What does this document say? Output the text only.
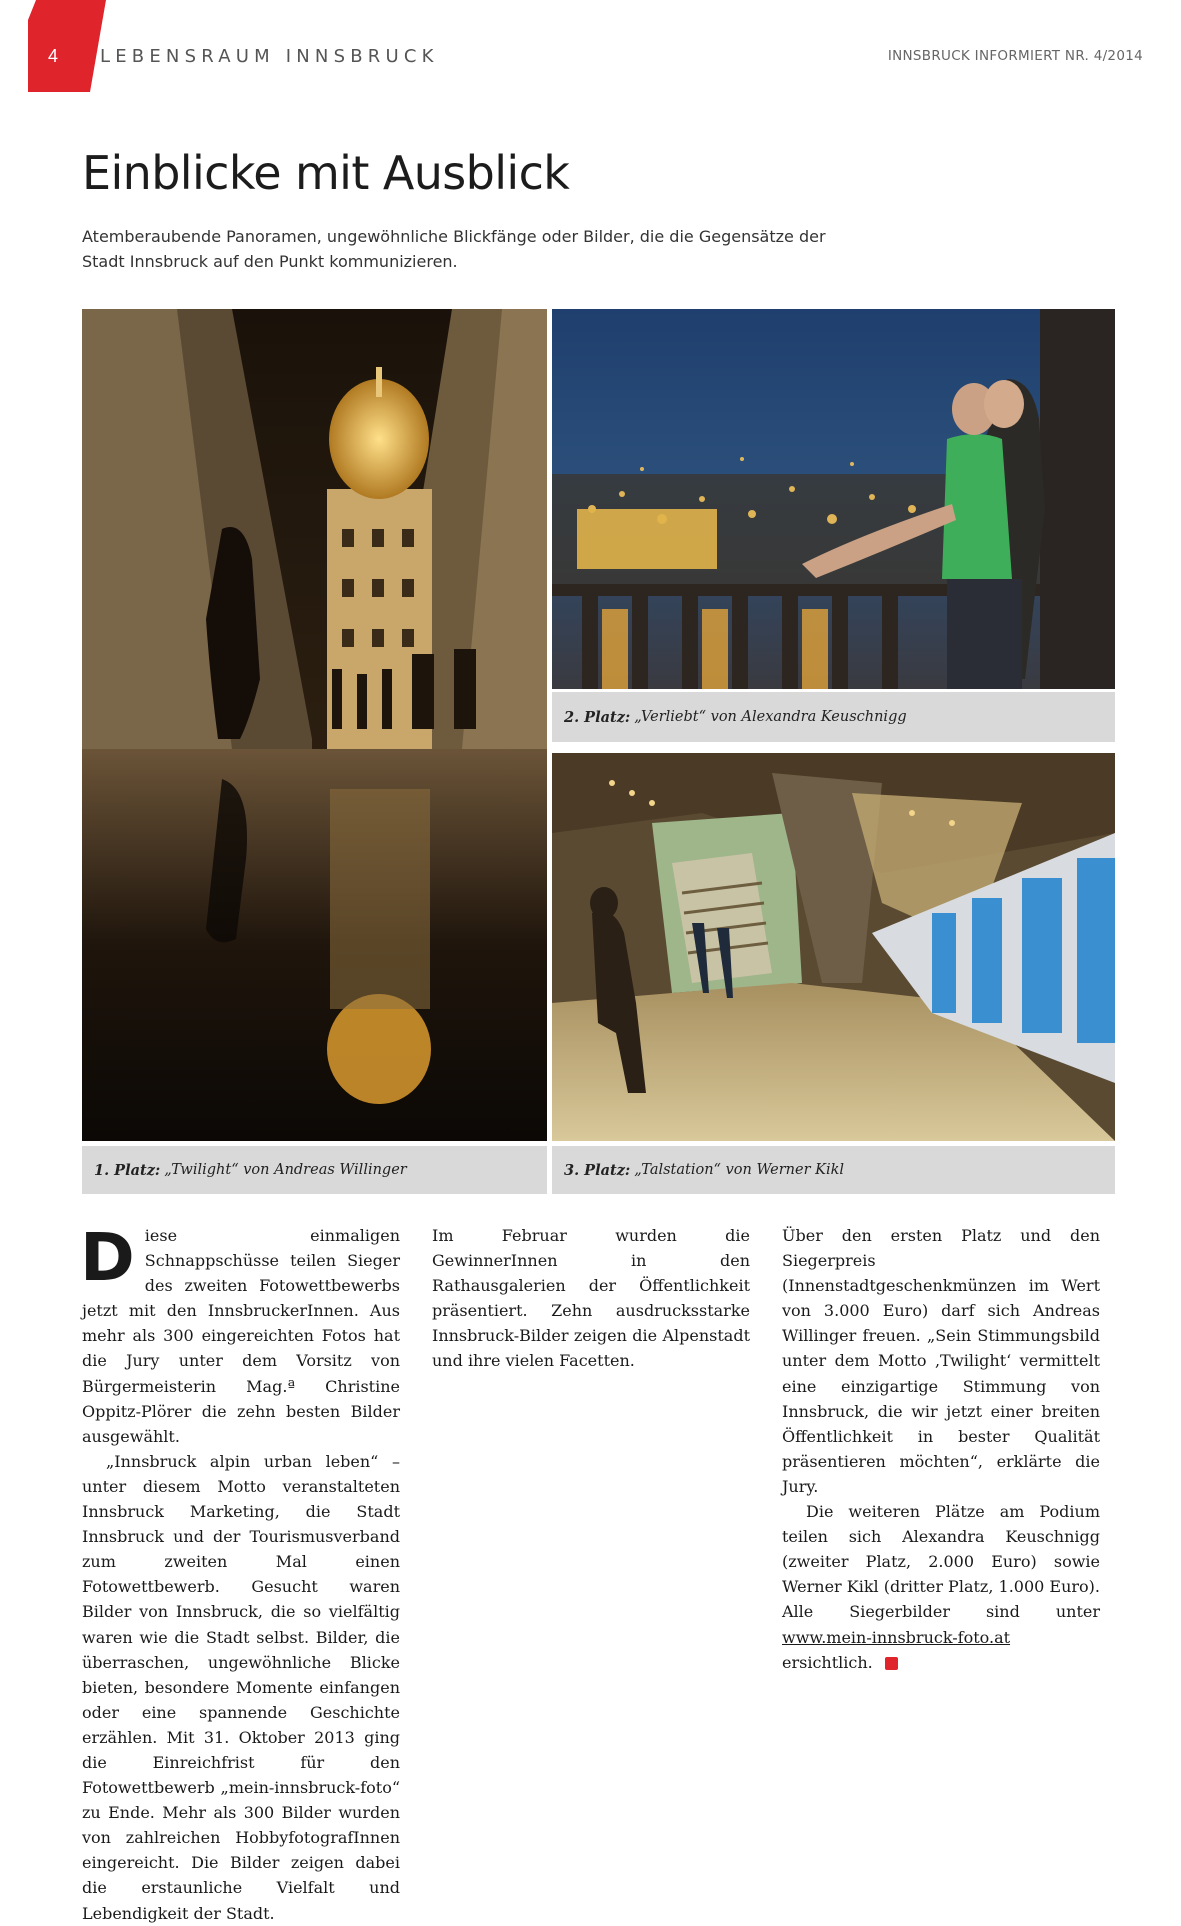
4 LEBENSRAUM INNSBRUCK	INNSBRUCK INFORMIERT NR. 4/2014
Einblicke mit Ausblick

Atemberaubende Panoramen, ungewöhnliche Blickfänge oder Bilder, die die Gegensätze der Stadt Innsbruck auf den Punkt kommunizieren.

2. Platz: „Verliebt“ von Alexandra Keuschnigg
1. Platz: „Twilight“ von Andreas Willinger	3. Platz: „Talstation“ von Werner Kikl

Diese einmaligen Schnappschüsse teilen Sieger des zweiten Fotowettbewerbs jetzt mit den InnsbruckerInnen. Aus mehr als 300 eingereichten Fotos hat die Jury unter dem Vorsitz von Bürgermeisterin Mag.ª Christine Oppitz-Plörer die zehn besten Bilder ausgewählt.

„Innsbruck alpin urban leben“ – unter diesem Motto veranstalteten Innsbruck Marketing, die Stadt Innsbruck und der Tourismusverband zum zweiten Mal einen Fotowettbewerb. Gesucht waren Bilder von Innsbruck, die so vielfältig waren wie die Stadt selbst. Bilder, die überraschen, ungewöhnliche Blicke bieten, besondere Momente einfangen oder eine spannende Geschichte erzählen. Mit 31. Oktober 2013 ging die Einreichfrist für den Fotowettbewerb „mein-innsbruck-foto“ zu Ende. Mehr als 300 Bilder wurden von zahlreichen HobbyfotografInnen eingereicht. Die Bilder zeigen dabei die erstaunliche Vielfalt und Lebendigkeit der Stadt.

Im Februar wurden die GewinnerInnen in den Rathausgalerien der Öffentlichkeit präsentiert. Zehn ausdrucksstarke Innsbruck-Bilder zeigen die Alpenstadt und ihre vielen Facetten.

Über den ersten Platz und den Siegerpreis (Innenstadtgeschenkmünzen im Wert von 3.000 Euro) darf sich Andreas Willinger freuen. „Sein Stimmungsbild unter dem Motto ‚Twilight‘ vermittelt eine einzigartige Stimmung von Innsbruck, die wir jetzt einer breiten Öffentlichkeit in bester Qualität präsentieren möchten“, erklärte die Jury.

Die weiteren Plätze am Podium teilen sich Alexandra Keuschnigg (zweiter Platz, 2.000 Euro) sowie Werner Kikl (dritter Platz, 1.000 Euro). Alle Siegerbilder sind unter www.mein-innsbruck-foto.at ersichtlich.
